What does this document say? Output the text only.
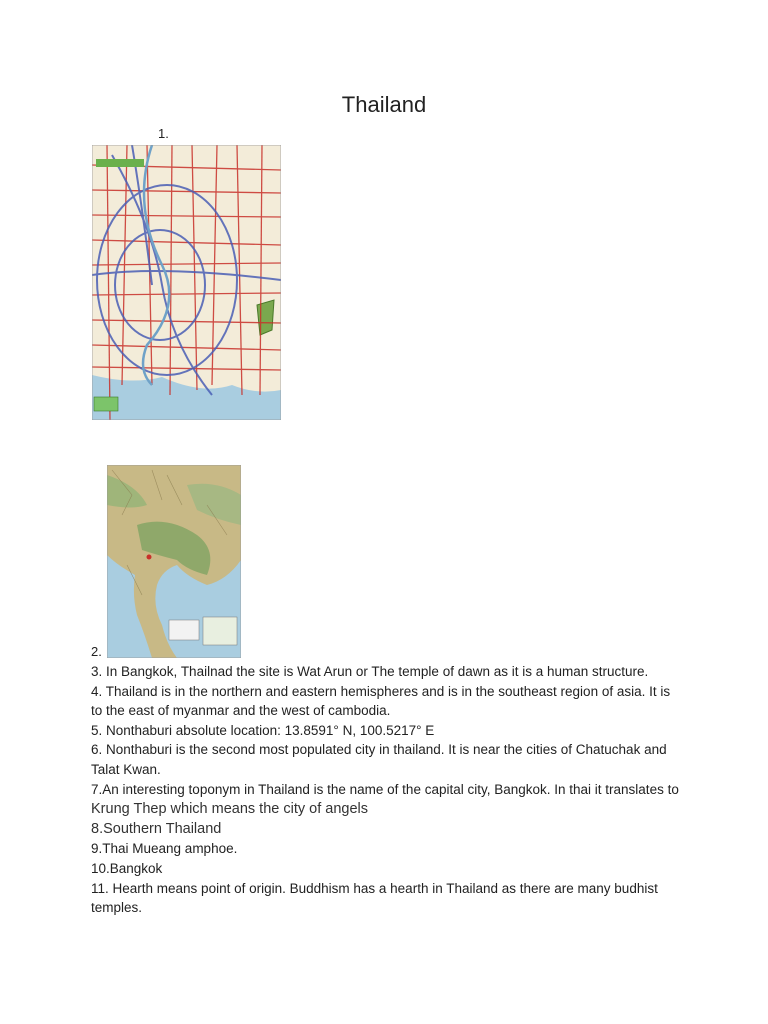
Thailand
1.
2.

3. In Bangkok, Thailnad the site is Wat Arun or The temple of dawn as it is a human structure.

4. Thailand is in the northern and eastern hemispheres and is in the southeast region of asia. It is to the east of myanmar and the west of cambodia.

5. Nonthaburi absolute location: 13.8591° N, 100.5217° E

6. Nonthaburi is the second most populated city in thailand. It is near the cities of Chatuchak and Talat Kwan.

7.An interesting toponym in Thailand is the name of the capital city, Bangkok. In thai it translates to Krung Thep which means the city of angels

8.Southern Thailand

9.Thai Mueang amphoe.

10.Bangkok

11. Hearth means point of origin. Buddhism has a hearth in Thailand as there are many budhist temples.
